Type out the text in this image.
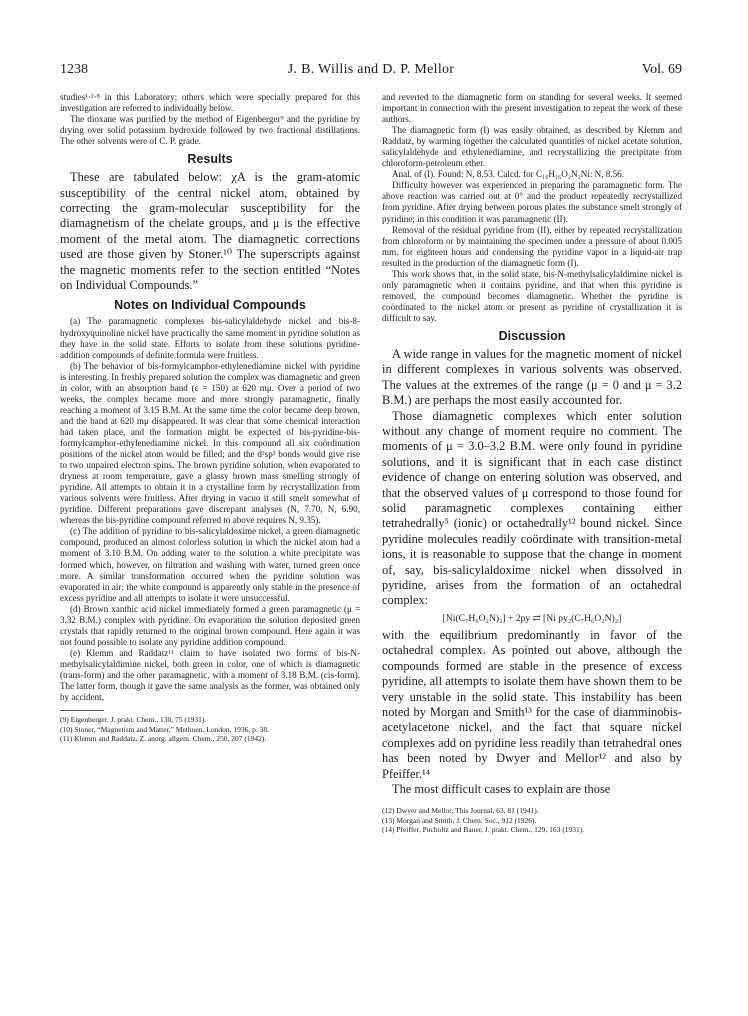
1238	J. B. Willis and D. P. Mellor	Vol. 69

studies¹·²·⁸ in this Laboratory; others which were specially prepared for this investigation are referred to individually below.

The dioxane was purified by the method of Eigenberger⁹ and the pyridine by drying over solid potassium hydroxide followed by two fractional distillations. The other solvents were of C. P. grade.

Results

These are tabulated below: χA is the gram-atomic susceptibility of the central nickel atom, obtained by correcting the gram-molecular susceptibility for the diamagnetism of the chelate groups, and μ is the effective moment of the metal atom. The diamagnetic corrections used are those given by Stoner.¹⁰ The superscripts against the magnetic moments refer to the section entitled “Notes on Individual Compounds.”

Notes on Individual Compounds

(a) The paramagnetic complexes bis-salicylaldehyde nickel and bis-8-hydroxyquinoline nickel have practically the same moment in pyridine solution as they have in the solid state. Efforts to isolate from these solutions pyridine-addition compounds of definite formula were fruitless.

(b) The behavior of bis-formylcamphor-ethylenediamine nickel with pyridine is interesting. In freshly prepared solution the complex was diamagnetic and green in color, with an absorption band (ε = 150) at 620 mμ. Over a period of two weeks, the complex became more and more strongly paramagnetic, finally reaching a moment of 3.15 B.M. At the same time the color became deep brown, and the band at 620 mμ disappeared. It was clear that some chemical interaction had taken place, and the formation might be expected of bis-pyridine-bis-formylcamphor-ethylenediamine nickel. In this compound all six coördination positions of the nickel atom would be filled; and the d²sp³ bonds would give rise to two unpaired electron spins. The brown pyridine solution, when evaporated to dryness at room temperature, gave a glassy brown mass smelling strongly of pyridine. All attempts to obtain it in a crystalline form by recrystallization from various solvents were fruitless. After drying in vacuo it still smelt somewhat of pyridine. Different preparations gave discrepant analyses (N, 7.70, N, 6.90, whereas the bis-pyridine compound referred to above requires N, 9.35).

(c) The addition of pyridine to bis-salicylaldoxime nickel, a green diamagnetic compound, produced an almost colorless solution in which the nickel atom had a moment of 3.10 B.M. On adding water to the solution a white precipitate was formed which, however, on filtration and washing with water, turned green once more. A similar transformation occurred when the pyridine solution was evaporated in air; the white compound is apparently only stable in the presence of excess pyridine and all attempts to isolate it were unsuccessful.

(d) Brown xanthic acid nickel immediately formed a green paramagnetic (μ = 3.32 B.M.) complex with pyridine. On evaporation the solution deposited green crystals that rapidly returned to the original brown compound. Here again it was not found possible to isolate any pyridine addition compound.

(e) Klemm and Raddatz¹¹ claim to have isolated two forms of bis-N-methylsalicylaldimine nickel, both green in color, one of which is diamagnetic (trans-form) and the other paramagnetic, with a moment of 3.18 B.M. (cis-form). The latter form, though it gave the same analysis as the former, was obtained only by accident,

(9) Eigenberger, J. prakt. Chem., 130, 75 (1931).

(10) Stoner, “Magnetism and Matter,” Methuen, London, 1936, p. 38.

(11) Klemm and Raddatz, Z. anorg. allgem. Chem., 250, 207 (1942).

and reverted to the diamagnetic form on standing for several weeks. It seemed important in connection with the present investigation to repeat the work of these authors.

The diamagnetic form (I) was easily obtained, as described by Klemm and Raddatz, by warming together the calculated quantities of nickel acetate solution, salicylaldehyde and ethylenediamine, and recrystallizing the precipitate from chloroform-petroleum ether.

Anal. of (I). Found: N, 8.53. Calcd. for C₁₆H₁₆O₂N₂Ni: N, 8.56.

Difficulty however was experienced in preparing the paramagnetic form. The above reaction was carried out at 0° and the product repeatedly recrystallized from pyridine. After drying between porous plates the substance smelt strongly of pyridine; in this condition it was paramagnetic (II).

Removal of the residual pyridine from (II), either by repeated recrystallization from chloroform or by maintaining the specimen under a pressure of about 0.005 mm. for eighteen hours and condensing the pyridine vapor in a liquid-air trap resulted in the production of the diamagnetic form (I).

This work shows that, in the solid state, bis-N-methylsalicylaldimine nickel is only paramagnetic when it contains pyridine, and that when this pyridine is removed, the compound becomes diamagnetic. Whether the pyridine is coördinated to the nickel atom or present as pyridine of crystallization it is difficult to say.

Discussion

A wide range in values for the magnetic moment of nickel in different complexes in various solvents was observed. The values at the extremes of the range (μ = 0 and μ = 3.2 B.M.) are perhaps the most easily accounted for.

Those diamagnetic complexes which enter solution without any change of moment require no comment. The moments of μ = 3.0–3.2 B.M. were only found in pyridine solutions, and it is significant that in each case distinct evidence of change on entering solution was observed, and that the observed values of μ correspond to those found for solid paramagnetic complexes containing either tetrahedrally⁵ (ionic) or octahedrally¹² bound nickel. Since pyridine molecules readily coördinate with transition-metal ions, it is reasonable to suppose that the change in moment of, say, bis-salicylaldoxime nickel when dissolved in pyridine, arises from the formation of an octahedral complex:

[Ni(C₇H₆O₂N)₂] + 2py ⇄ [Ni py₂(C₇H₆O₂N)₂]

with the equilibrium predominantly in favor of the octahedral complex. As pointed out above, although the compounds formed are stable in the presence of excess pyridine, all attempts to isolate them have shown them to be very unstable in the solid state. This instability has been noted by Morgan and Smith¹³ for the case of diamminobis-acetylacetone nickel, and the fact that square nickel complexes add on pyridine less readily than tetrahedral ones has been noted by Dwyer and Mellor¹² and also by Pfeiffer.¹⁴

The most difficult cases to explain are those

(12) Dwyer and Mellor, This Journal, 63, 81 (1941).

(13) Morgan and Smith, J. Chem. Soc., 912 (1926).

(14) Pfeiffer, Pucholtz and Bauer, J. prakt. Chem., 129, 163 (1931).
